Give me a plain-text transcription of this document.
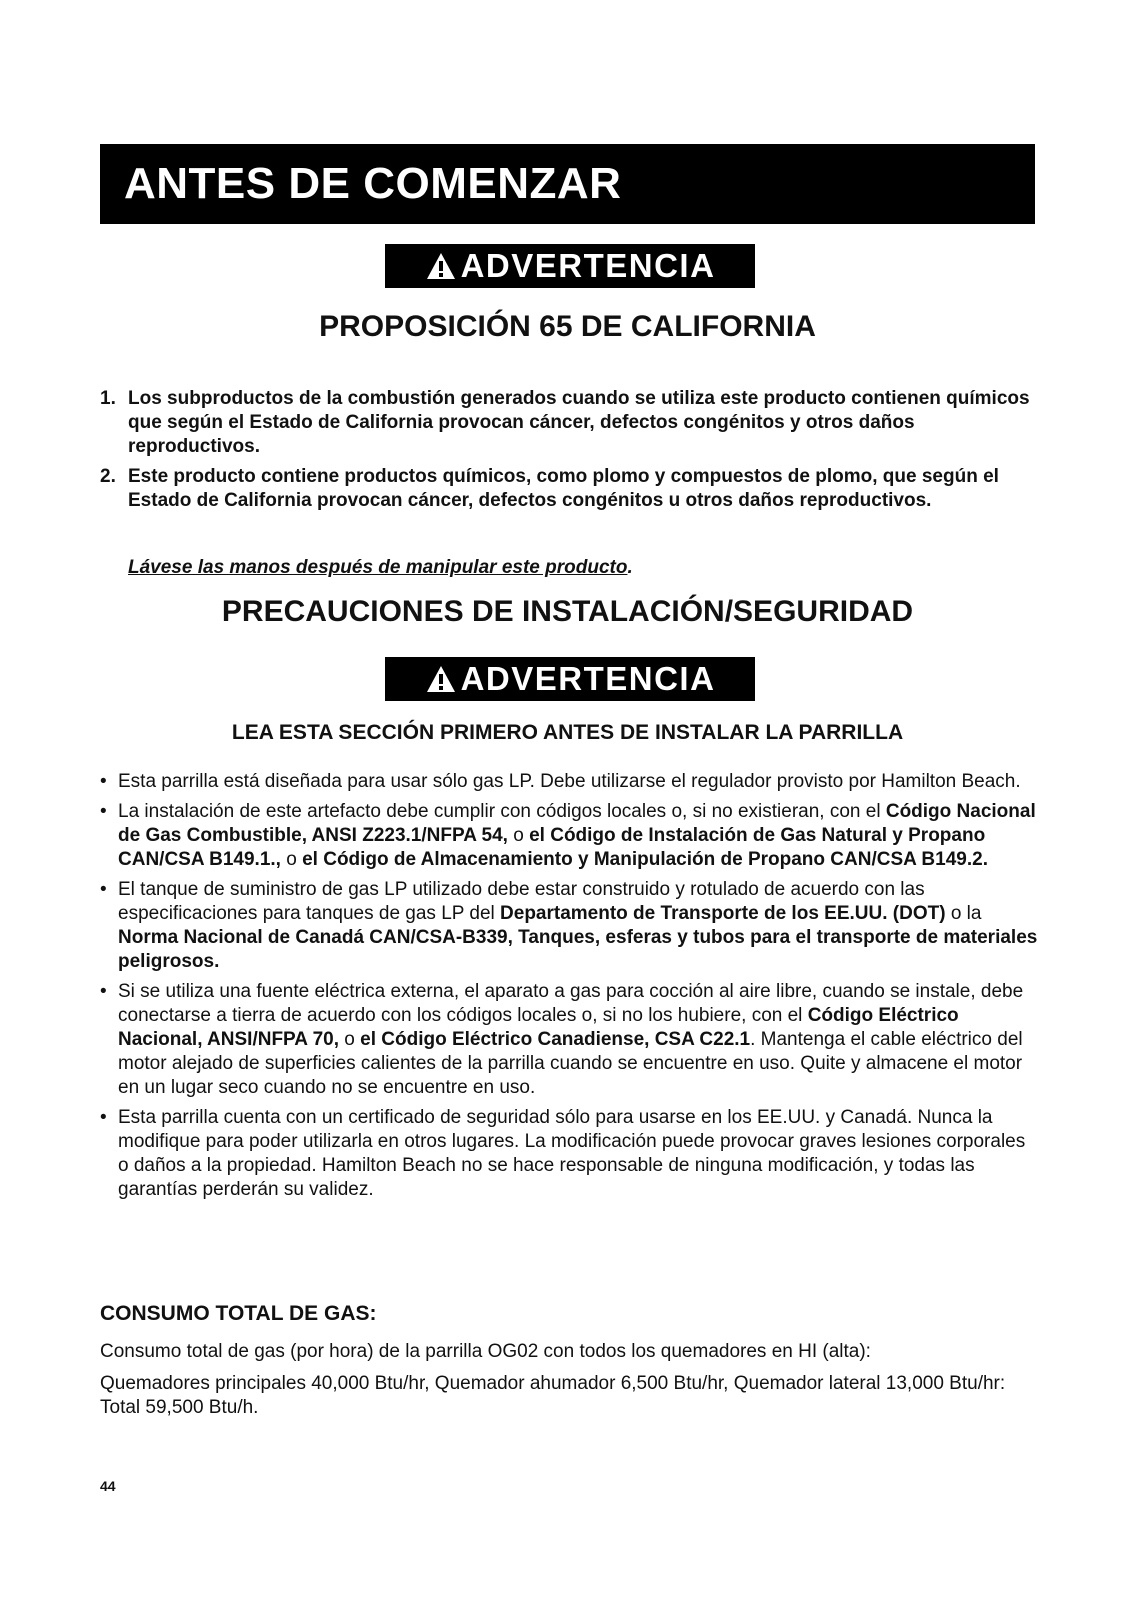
ANTES DE COMENZAR
ADVERTENCIA
PROPOSICIÓN 65 DE CALIFORNIA
1. Los subproductos de la combustión generados cuando se utiliza este producto contienen químicos que según el Estado de California provocan cáncer, defectos congénitos y otros daños reproductivos.
2. Este producto contiene productos químicos, como plomo y compuestos de plomo, que según el Estado de California provocan cáncer, defectos congénitos u otros daños reproductivos.
Lávese las manos después de manipular este producto.
PRECAUCIONES DE INSTALACIÓN/SEGURIDAD
ADVERTENCIA
LEA ESTA SECCIÓN PRIMERO ANTES DE INSTALAR LA PARRILLA
• Esta parrilla está diseñada para usar sólo gas LP. Debe utilizarse el regulador provisto por Hamilton Beach.
• La instalación de este artefacto debe cumplir con códigos locales o, si no existieran, con el Código Nacional de Gas Combustible, ANSI Z223.1/NFPA 54, o el Código de Instalación de Gas Natural y Propano CAN/CSA B149.1., o el Código de Almacenamiento y Manipulación de Propano CAN/CSA B149.2.
• El tanque de suministro de gas LP utilizado debe estar construido y rotulado de acuerdo con las especificaciones para tanques de gas LP del Departamento de Transporte de los EE.UU. (DOT) o la Norma Nacional de Canadá CAN/CSA-B339, Tanques, esferas y tubos para el transporte de materiales peligrosos.
• Si se utiliza una fuente eléctrica externa, el aparato a gas para cocción al aire libre, cuando se instale, debe conectarse a tierra de acuerdo con los códigos locales o, si no los hubiere, con el Código Eléctrico Nacional, ANSI/NFPA 70, o el Código Eléctrico Canadiense, CSA C22.1. Mantenga el cable eléctrico del motor alejado de superficies calientes de la parrilla cuando se encuentre en uso. Quite y almacene el motor en un lugar seco cuando no se encuentre en uso.
• Esta parrilla cuenta con un certificado de seguridad sólo para usarse en los EE.UU. y Canadá. Nunca la modifique para poder utilizarla en otros lugares. La modificación puede provocar graves lesiones corporales o daños a la propiedad. Hamilton Beach no se hace responsable de ninguna modificación, y todas las garantías perderán su validez.
CONSUMO TOTAL DE GAS:

Consumo total de gas (por hora) de la parrilla OG02 con todos los quemadores en HI (alta):

Quemadores principales 40,000 Btu/hr, Quemador ahumador 6,500 Btu/hr, Quemador lateral 13,000 Btu/hr: Total 59,500 Btu/h.

44
